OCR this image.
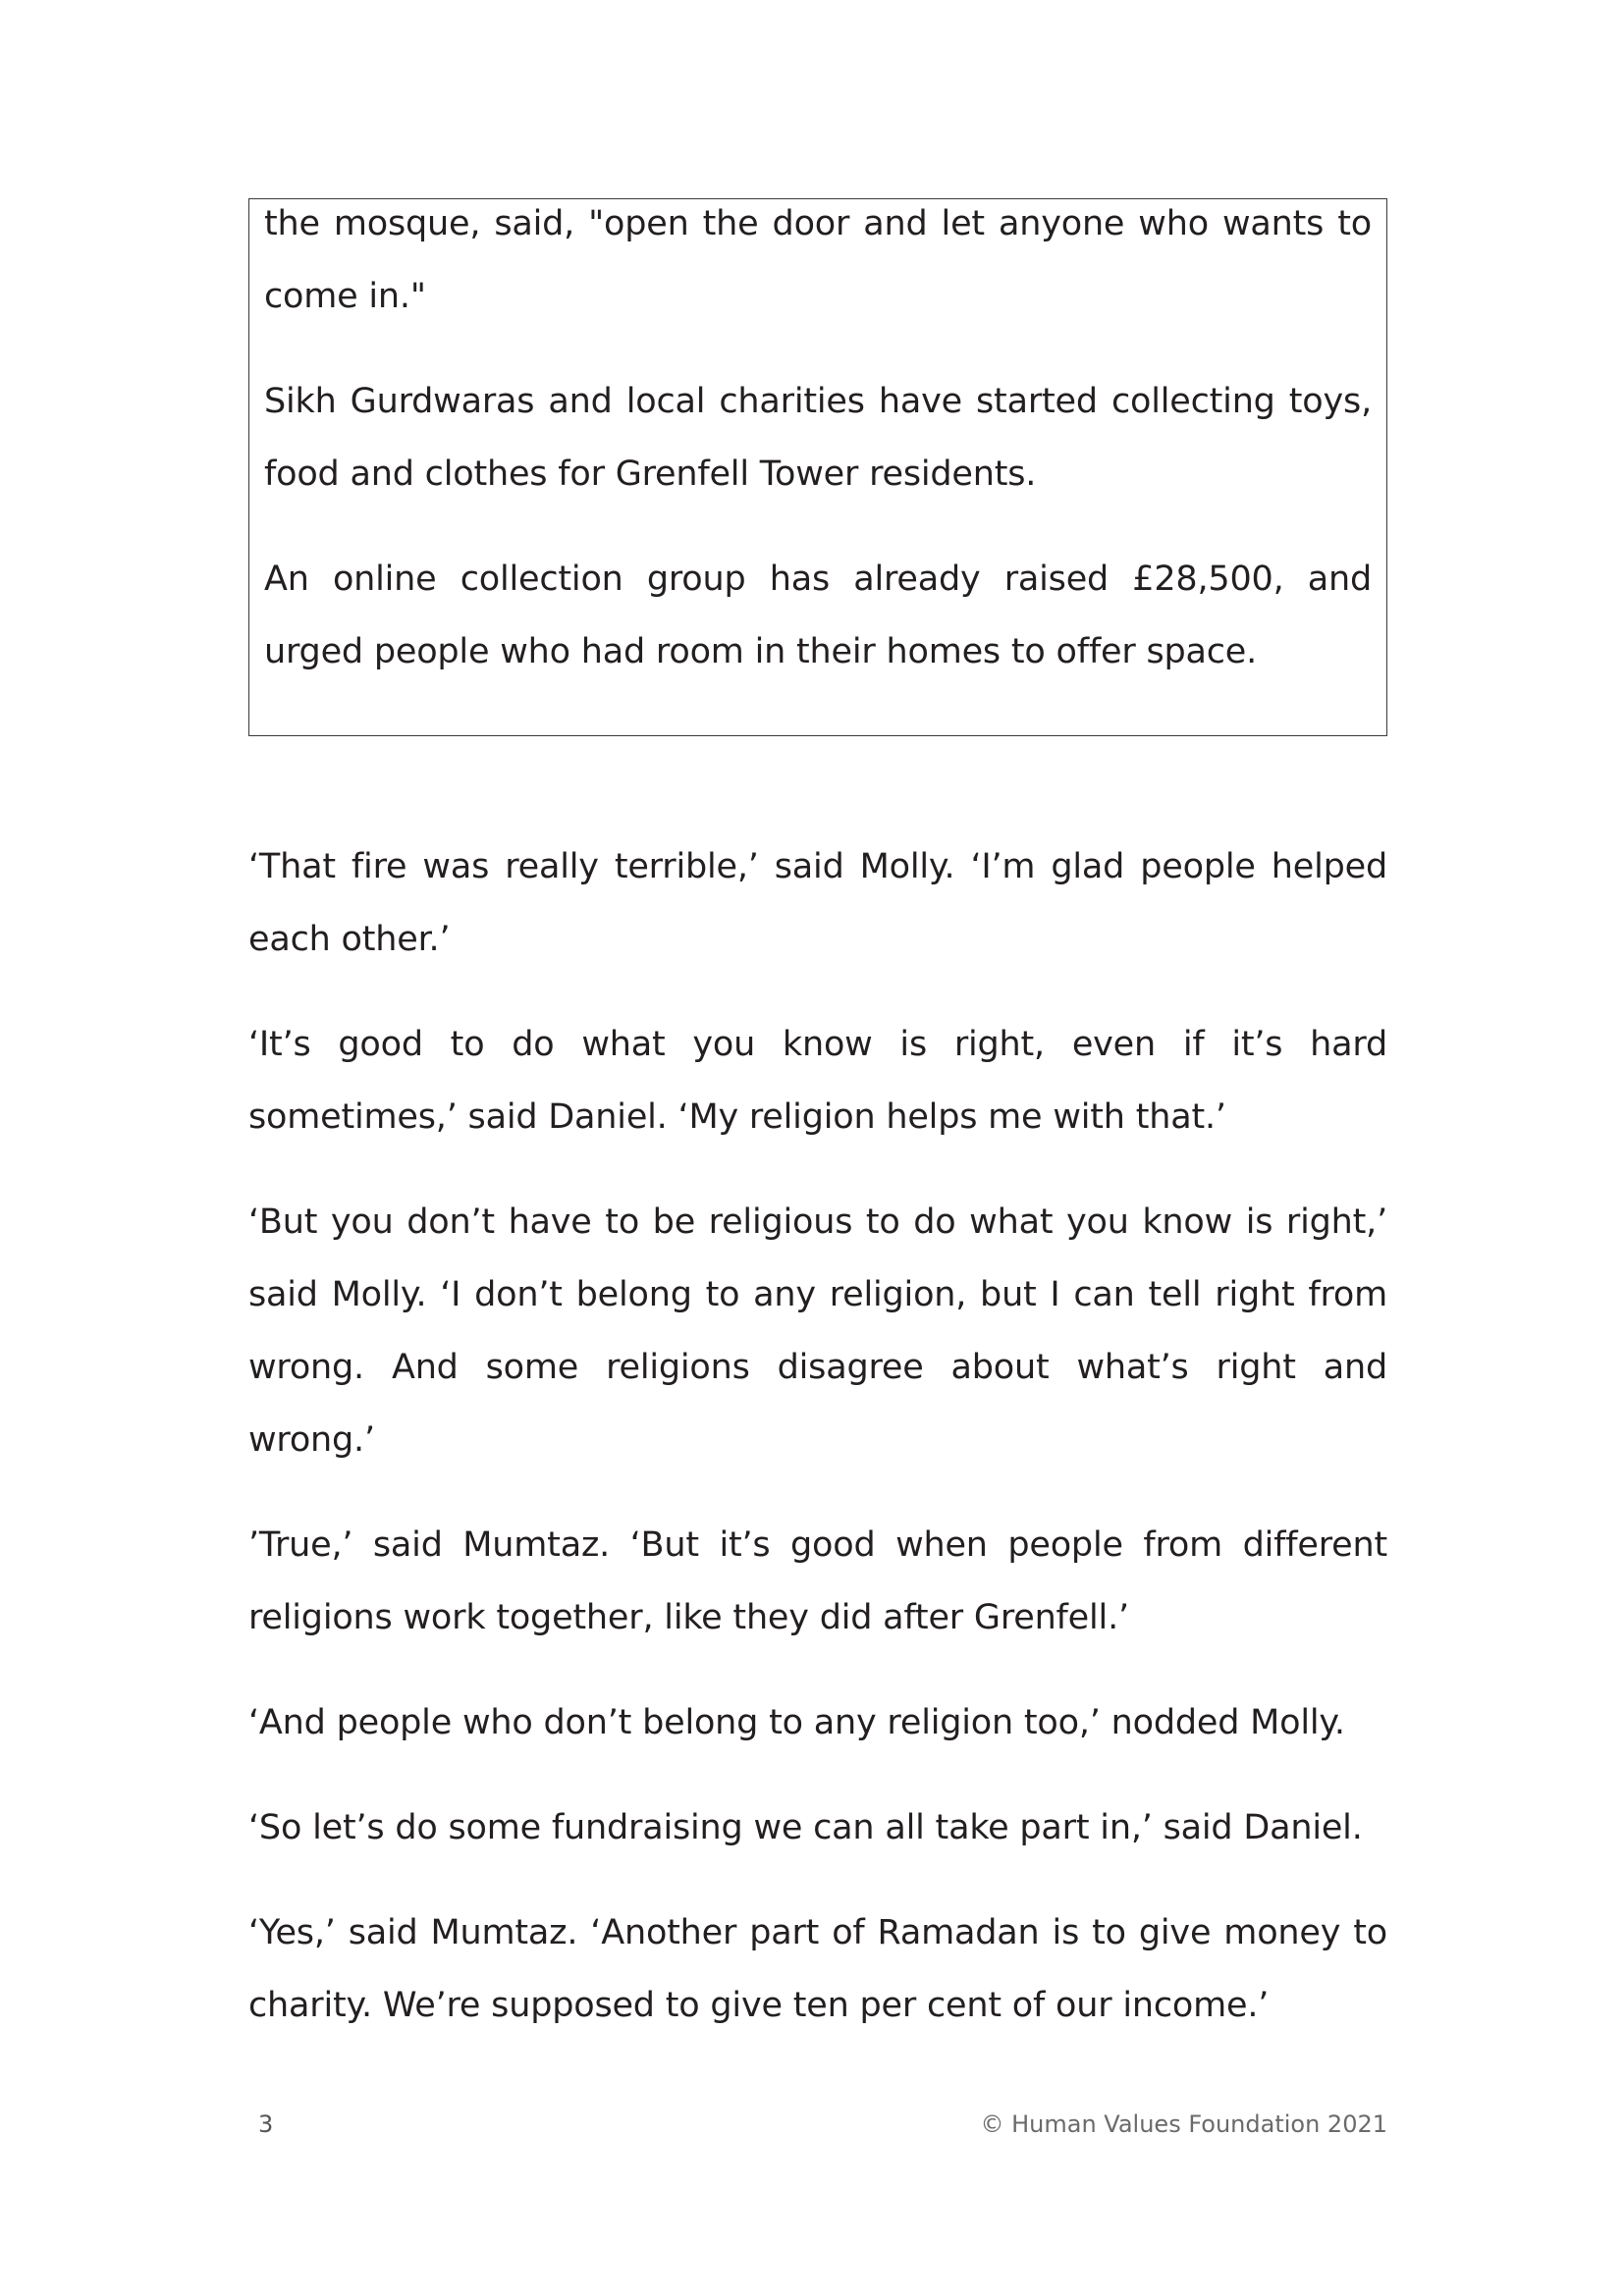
the mosque, said, "open the door and let anyone who wants to come in."

Sikh Gurdwaras and local charities have started collecting toys, food and clothes for Grenfell Tower residents.

An online collection group has already raised £28,500, and urged people who had room in their homes to offer space.

‘That fire was really terrible,’ said Molly. ‘I’m glad people helped each other.’

‘It’s good to do what you know is right, even if it’s hard sometimes,’ said Daniel. ‘My religion helps me with that.’

‘But you don’t have to be religious to do what you know is right,’ said Molly. ‘I don’t belong to any religion, but I can tell right from wrong. And some religions disagree about what’s right and wrong.’

’True,’ said Mumtaz. ‘But it’s good when people from different religions work together, like they did after Grenfell.’

‘And people who don’t belong to any religion too,’ nodded Molly.

‘So let’s do some fundraising we can all take part in,’ said Daniel.

‘Yes,’ said Mumtaz. ‘Another part of Ramadan is to give money to charity. We’re supposed to give ten per cent of our income.’

3	© Human Values Foundation 2021
